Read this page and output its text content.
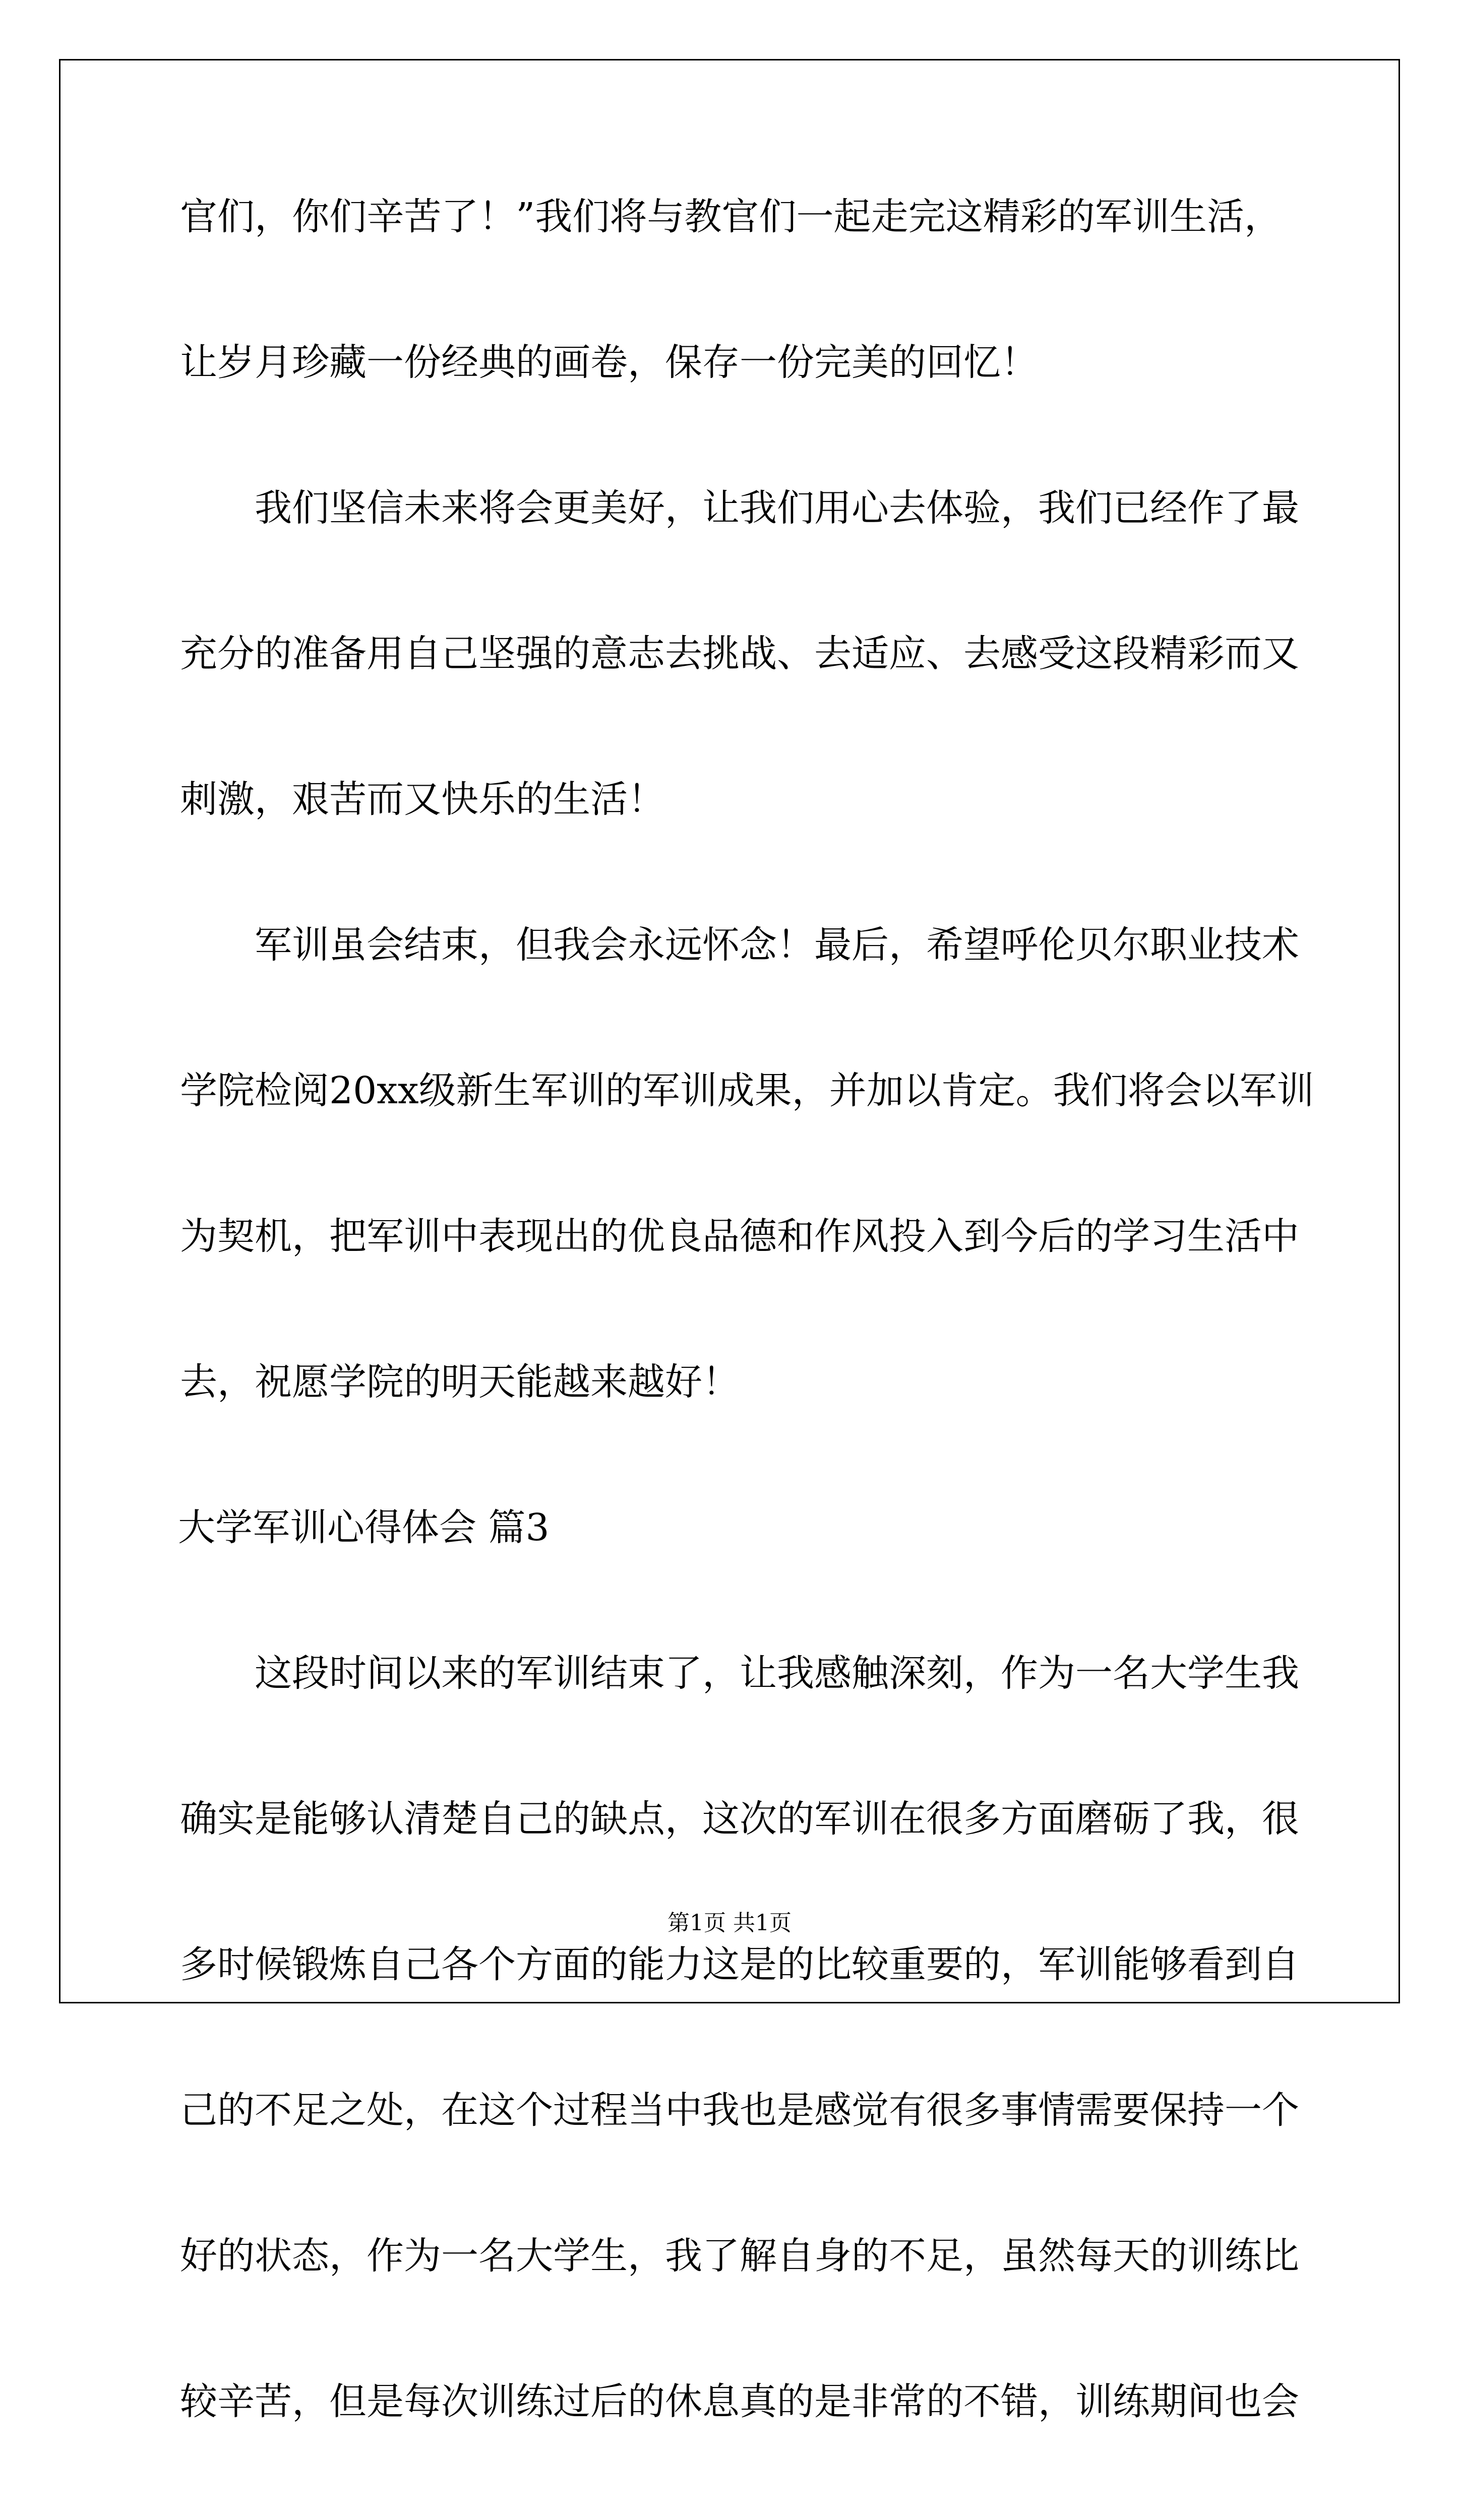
官们，你们辛苦了！”我们将与教官们一起走完这精彩的军训生活，
让岁月珍藏一份经典的画卷，保存一份完美的回忆！
我们坚信未来将会更美好，让我们用心去体验，我们已经作了最
充分的准备用自己坚强的意志去挑战、去适应、去感受这段精彩而又
刺激，艰苦而又快乐的生活！
军训虽会结束，但我会永远怀念！最后，希望呼伦贝尔职业技术
学院检阅20xx级新生军训的军训成果，并加以肯定。我们将会以军训
为契机，把军训中表现出的优良品德和作风投入到今后的学习生活中
去，祝愿学院的明天能越来越好！
大学军训心得体会 篇3
这段时间以来的军训结束了，让我感触深刻，作为一名大学生我
确实是能够认清楚自己的缺点，这次的军训在很多方面磨砺了我，很
多时候锻炼自己各个方面的能力这是的比较重要的，军训能够看到自
己的不足之处，在这个过程当中我也是感觉有很多事情需要保持一个
好的状态，作为一名大学生，我了解自身的不足，虽然每天的训练比
较辛苦，但是每次训练过后的休息真的是非常的不错，训练期间也会
第1页 共1页
